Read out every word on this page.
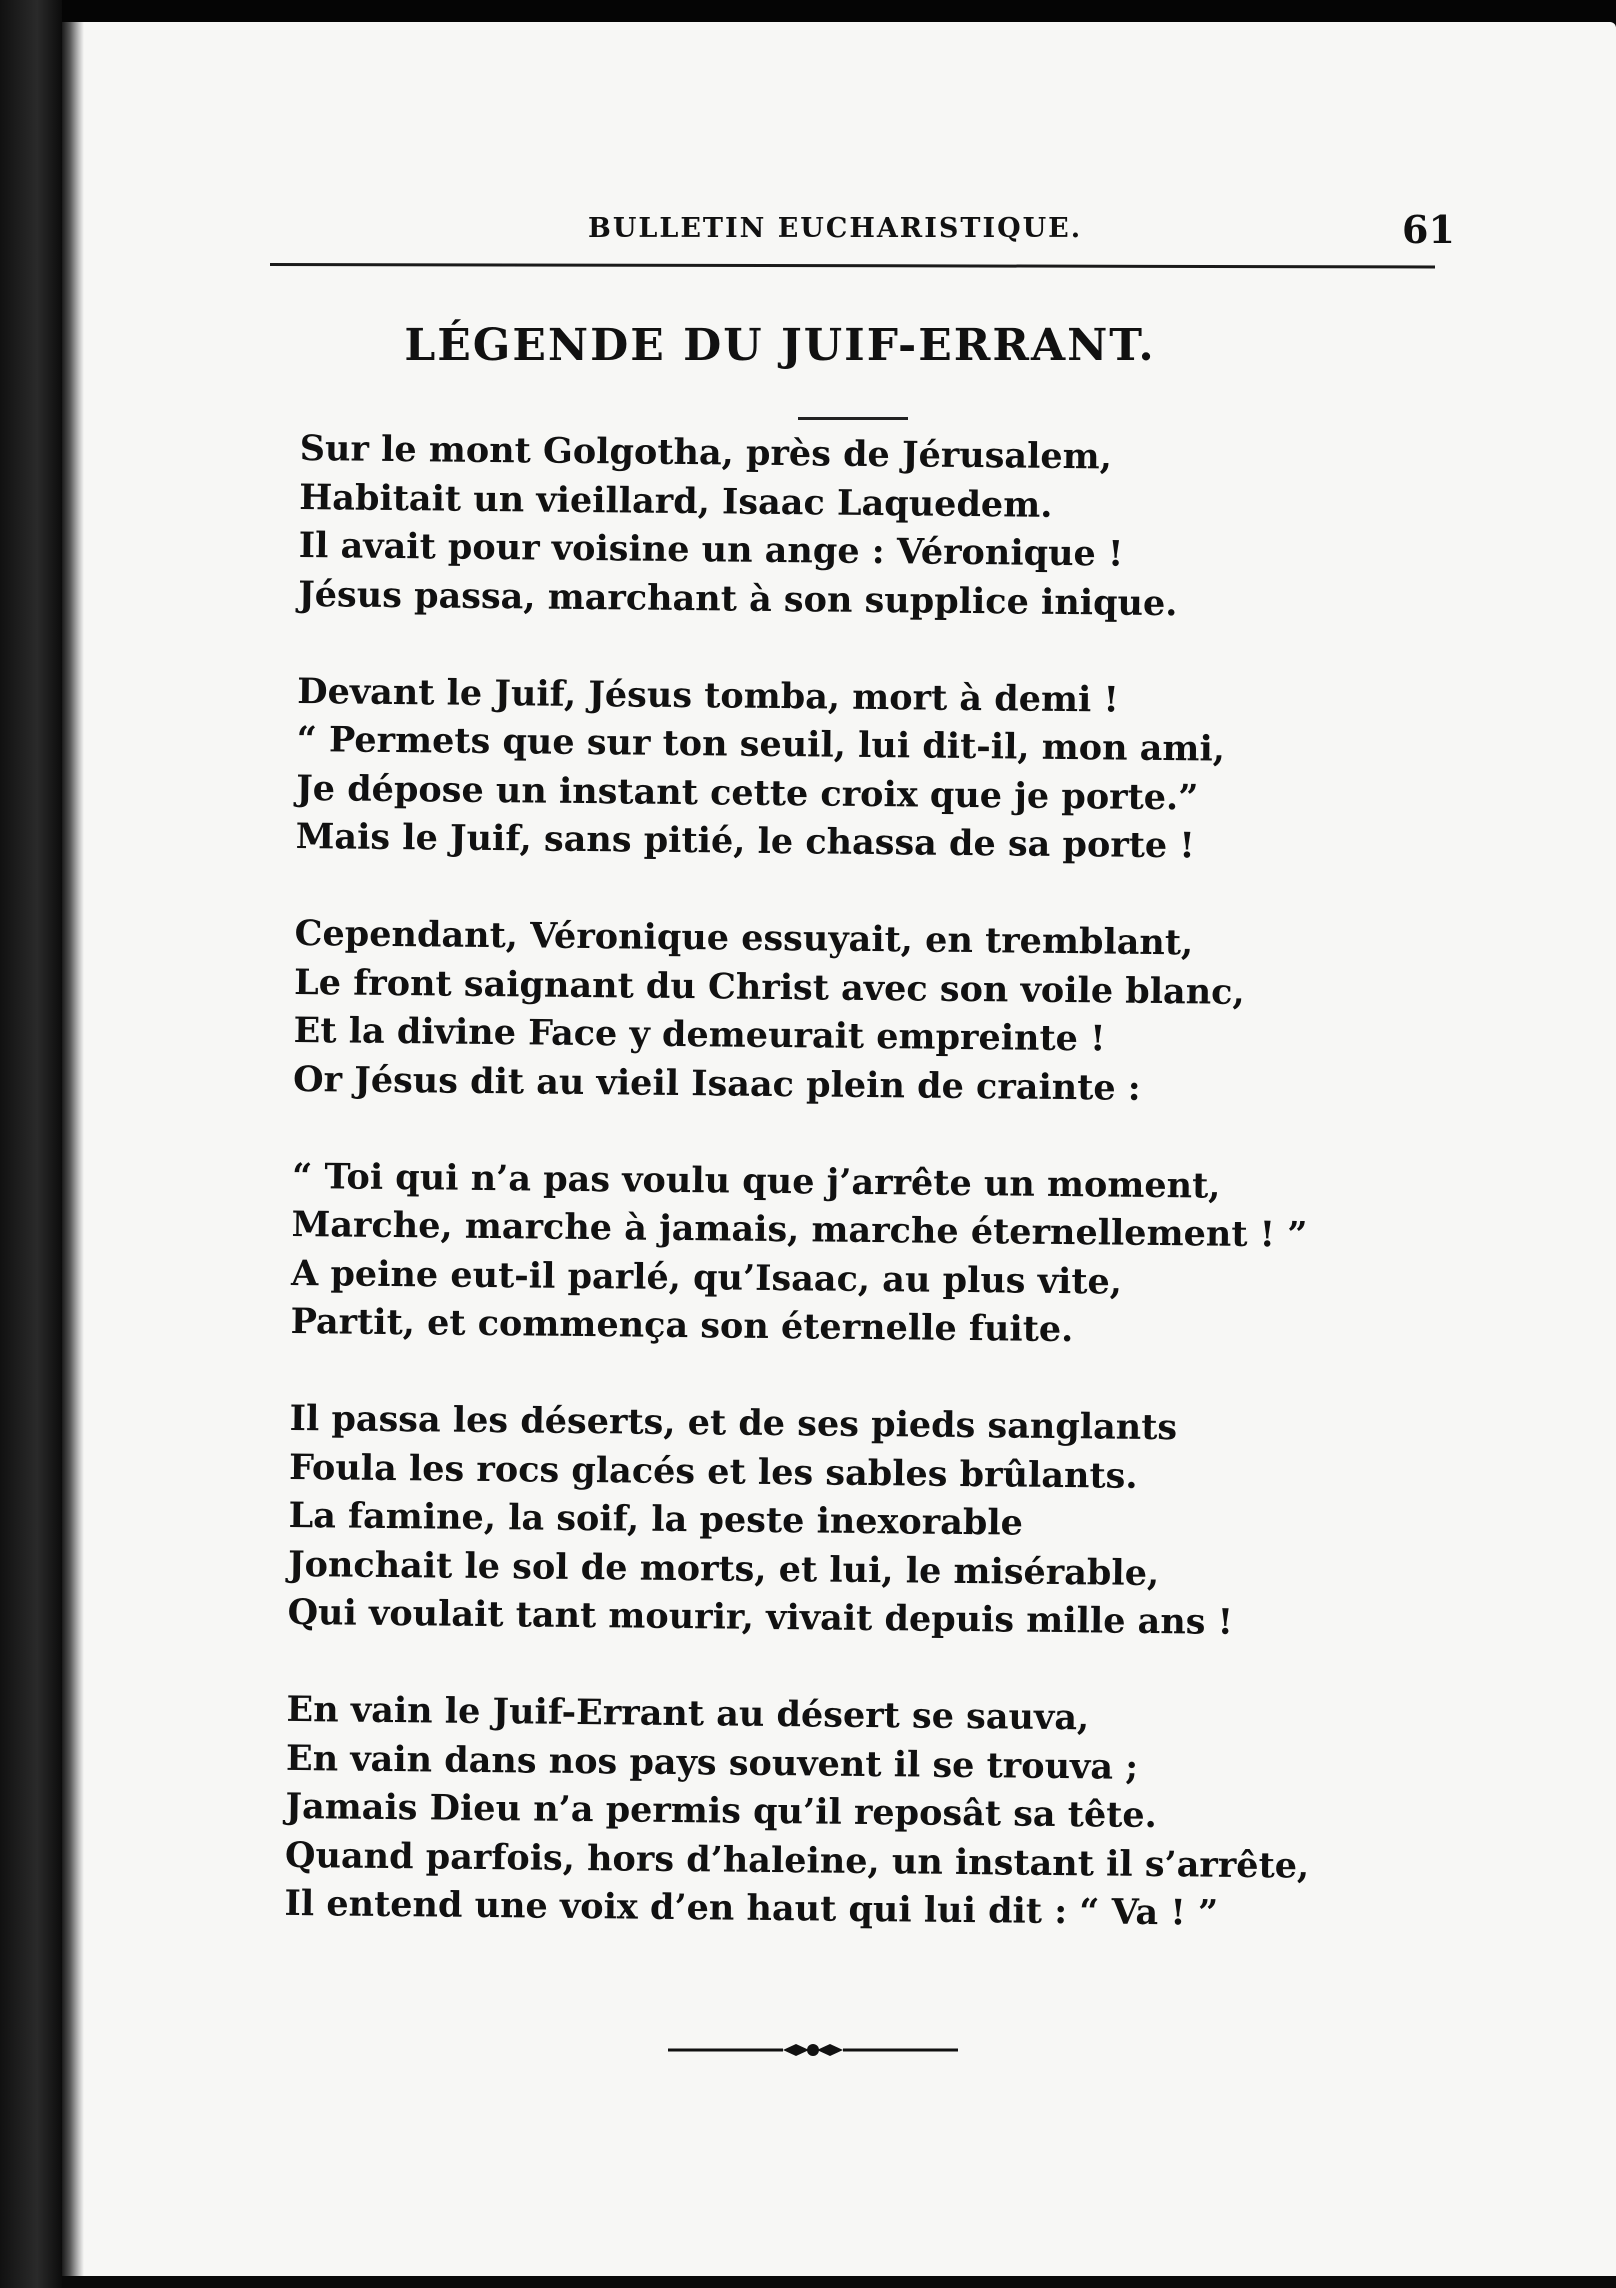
BULLETIN EUCHARISTIQUE.	61
LÉGENDE DU JUIF-ERRANT.
Sur le mont Golgotha, près de Jérusalem,
Habitait un vieillard, Isaac Laquedem.
Il avait pour voisine un ange : Véronique !
Jésus passa, marchant à son supplice inique.
Devant le Juif, Jésus tomba, mort à demi !
“ Permets que sur ton seuil, lui dit-il, mon ami,
Je dépose un instant cette croix que je porte.”
Mais le Juif, sans pitié, le chassa de sa porte !
Cependant, Véronique essuyait, en tremblant,
Le front saignant du Christ avec son voile blanc,
Et la divine Face y demeurait empreinte !
Or Jésus dit au vieil Isaac plein de crainte :
“ Toi qui n’a pas voulu que j’arrête un moment,
Marche, marche à jamais, marche éternellement ! ”
A peine eut-il parlé, qu’Isaac, au plus vite,
Partit, et commença son éternelle fuite.
Il passa les déserts, et de ses pieds sanglants
Foula les rocs glacés et les sables brûlants.
La famine, la soif, la peste inexorable
Jonchait le sol de morts, et lui, le misérable,
Qui voulait tant mourir, vivait depuis mille ans !
En vain le Juif-Errant au désert se sauva,
En vain dans nos pays souvent il se trouva ;
Jamais Dieu n’a permis qu’il reposât sa tête.
Quand parfois, hors d’haleine, un instant il s’arrête,
Il entend une voix d’en haut qui lui dit : “ Va ! ”
